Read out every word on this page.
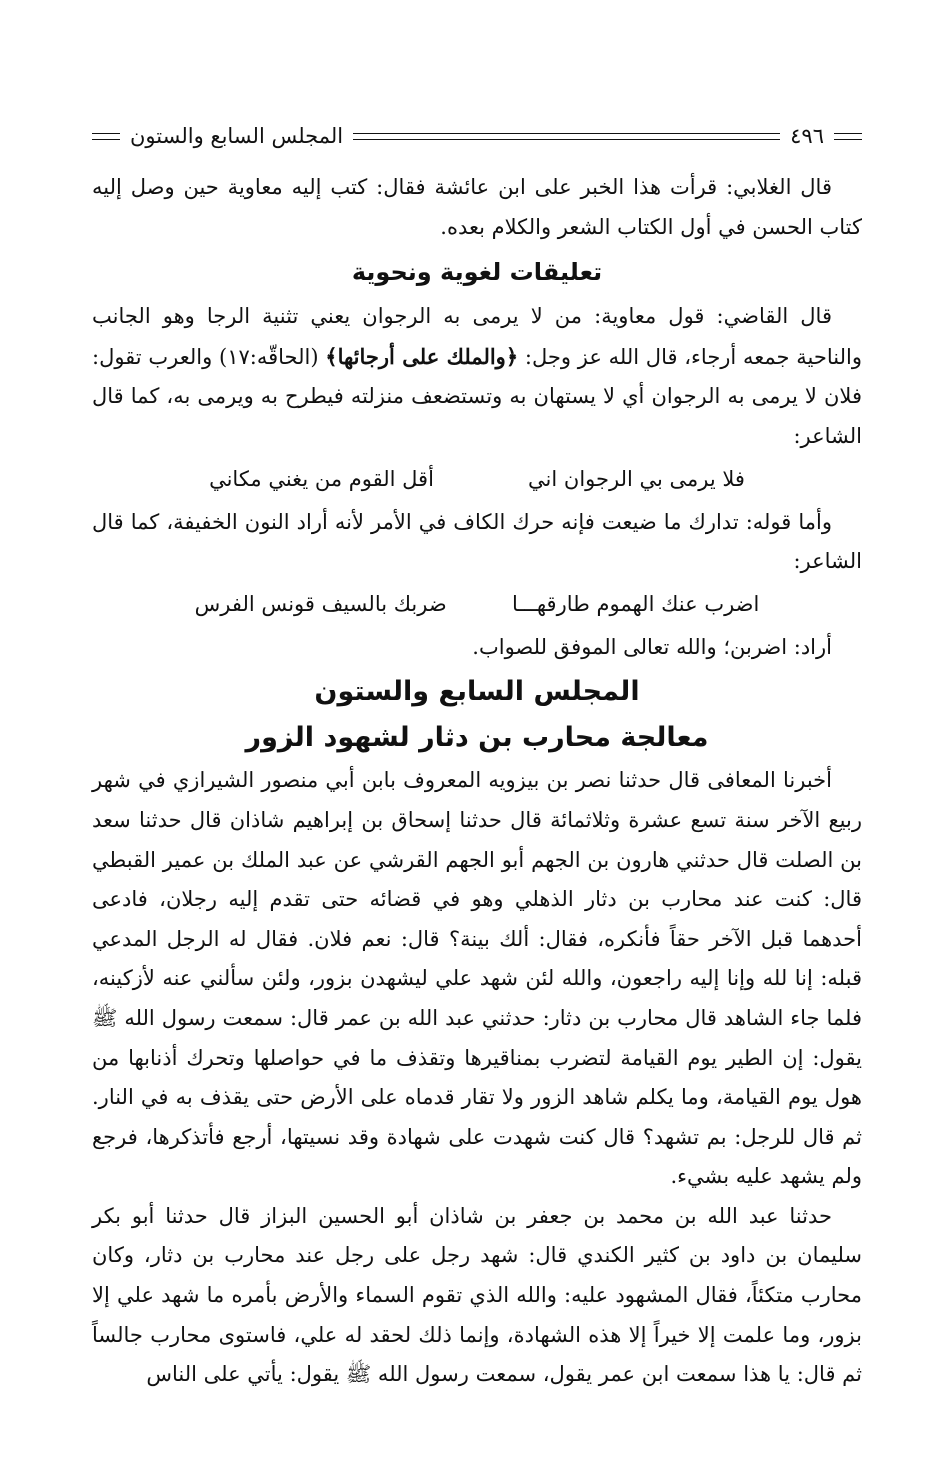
٤٩٦
المجلس السابع والستون

قال الغلابي: قرأت هذا الخبر على ابن عائشة فقال: كتب إليه معاوية حين وصل إليه كتاب الحسن في أول الكتاب الشعر والكلام بعده.

تعليقات لغوية ونحوية

قال القاضي: قول معاوية: من لا يرمى به الرجوان يعني تثنية الرجا وهو الجانب والناحية جمعه أرجاء، قال الله عز وجل: ﴿والملك على أرجائها﴾ (الحاقّه:١٧) والعرب تقول: فلان لا يرمى به الرجوان أي لا يستهان به وتستضعف منزلته فيطرح به ويرمى به، كما قال الشاعر:

فلا يرمى بي الرجوان اني
أقل القوم من يغني مكاني

وأما قوله: تدارك ما ضيعت فإنه حرك الكاف في الأمر لأنه أراد النون الخفيفة، كما قال الشاعر:

اضرب عنك الهموم طارقهـــا
ضربك بالسيف قونس الفرس

أراد: اضربن؛ والله تعالى الموفق للصواب.

المجلس السابع والستون
معالجة محارب بن دثار لشهود الزور

أخبرنا المعافى قال حدثنا نصر بن بيزويه المعروف بابن أبي منصور الشيرازي في شهر ربيع الآخر سنة تسع عشرة وثلاثمائة قال حدثنا إسحاق بن إبراهيم شاذان قال حدثنا سعد بن الصلت قال حدثني هارون بن الجهم أبو الجهم القرشي عن عبد الملك بن عمير القبطي قال: كنت عند محارب بن دثار الذهلي وهو في قضائه حتى تقدم إليه رجلان، فادعى أحدهما قبل الآخر حقاً فأنكره، فقال: ألك بينة؟ قال: نعم فلان. فقال له الرجل المدعي قبله: إنا لله وإنا إليه راجعون، والله لئن شهد علي ليشهدن بزور، ولئن سألني عنه لأزكينه، فلما جاء الشاهد قال محارب بن دثار: حدثني عبد الله بن عمر قال: سمعت رسول الله ﷺ يقول: إن الطير يوم القيامة لتضرب بمناقيرها وتقذف ما في حواصلها وتحرك أذنابها من هول يوم القيامة، وما يكلم شاهد الزور ولا تقار قدماه على الأرض حتى يقذف به في النار. ثم قال للرجل: بم تشهد؟ قال كنت شهدت على شهادة وقد نسيتها، أرجع فأتذكرها، فرجع ولم يشهد عليه بشيء.

حدثنا عبد الله بن محمد بن جعفر بن شاذان أبو الحسين البزاز قال حدثنا أبو بكر سليمان بن داود بن كثير الكندي قال: شهد رجل على رجل عند محارب بن دثار، وكان محارب متكئاً، فقال المشهود عليه: والله الذي تقوم السماء والأرض بأمره ما شهد علي إلا بزور، وما علمت إلا خيراً إلا هذه الشهادة، وإنما ذلك لحقد له علي، فاستوى محارب جالساً ثم قال: يا هذا سمعت ابن عمر يقول، سمعت رسول الله ﷺ يقول: يأتي على الناس
